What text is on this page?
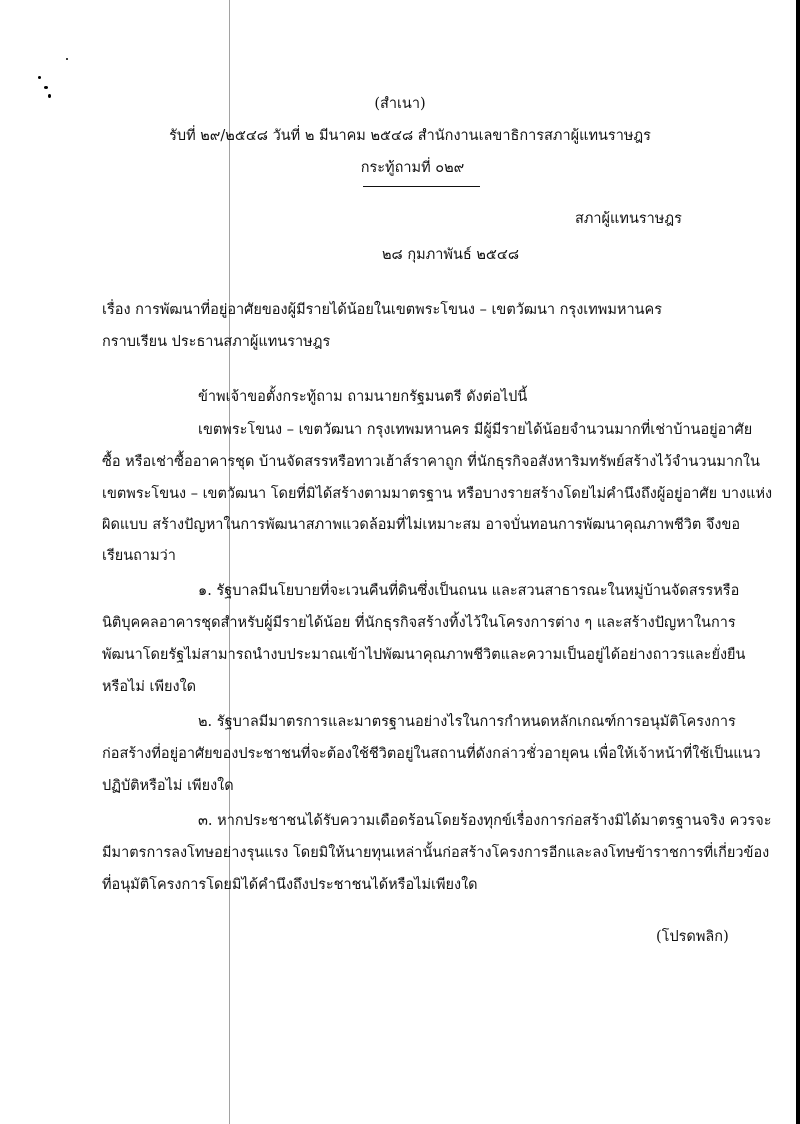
(สำเนา)
รับที่ ๒๙/๒๕๔๘ วันที่ ๒ มีนาคม ๒๕๔๘ สำนักงานเลขาธิการสภาผู้แทนราษฎร
กระทู้ถามที่ ๐๒๙
สภาผู้แทนราษฎร
๒๘ กุมภาพันธ์ ๒๕๔๘
เรื่อง การพัฒนาที่อยู่อาศัยของผู้มีรายได้น้อยในเขตพระโขนง – เขตวัฒนา กรุงเทพมหานคร
กราบเรียน ประธานสภาผู้แทนราษฎร
ข้าพเจ้าขอตั้งกระทู้ถาม ถามนายกรัฐมนตรี ดังต่อไปนี้
เขตพระโขนง – เขตวัฒนา กรุงเทพมหานคร มีผู้มีรายได้น้อยจำนวนมากที่เช่าบ้านอยู่อาศัย
ซื้อ หรือเช่าซื้ออาคารชุด บ้านจัดสรรหรือทาวเฮ้าส์ราคาถูก ที่นักธุรกิจอสังหาริมทรัพย์สร้างไว้จำนวนมากใน
เขตพระโขนง – เขตวัฒนา โดยที่มิได้สร้างตามมาตรฐาน หรือบางรายสร้างโดยไม่คำนึงถึงผู้อยู่อาศัย บางแห่ง
ผิดแบบ สร้างปัญหาในการพัฒนาสภาพแวดล้อมที่ไม่เหมาะสม อาจบั่นทอนการพัฒนาคุณภาพชีวิต จึงขอ
เรียนถามว่า
๑. รัฐบาลมีนโยบายที่จะเวนคืนที่ดินซึ่งเป็นถนน และสวนสาธารณะในหมู่บ้านจัดสรรหรือ
นิติบุคคลอาคารชุดสำหรับผู้มีรายได้น้อย ที่นักธุรกิจสร้างทิ้งไว้ในโครงการต่าง ๆ และสร้างปัญหาในการ
พัฒนาโดยรัฐไม่สามารถนำงบประมาณเข้าไปพัฒนาคุณภาพชีวิตและความเป็นอยู่ได้อย่างถาวรและยั่งยืน
หรือไม่ เพียงใด
๒. รัฐบาลมีมาตรการและมาตรฐานอย่างไรในการกำหนดหลักเกณฑ์การอนุมัติโครงการ
ก่อสร้างที่อยู่อาศัยของประชาชนที่จะต้องใช้ชีวิตอยู่ในสถานที่ดังกล่าวชั่วอายุคน เพื่อให้เจ้าหน้าที่ใช้เป็นแนว
ปฏิบัติหรือไม่ เพียงใด
๓. หากประชาชนได้รับความเดือดร้อนโดยร้องทุกข์เรื่องการก่อสร้างมิได้มาตรฐานจริง ควรจะ
มีมาตรการลงโทษอย่างรุนแรง โดยมิให้นายทุนเหล่านั้นก่อสร้างโครงการอีกและลงโทษข้าราชการที่เกี่ยวข้อง
ที่อนุมัติโครงการโดยมิได้คำนึงถึงประชาชนได้หรือไม่เพียงใด
(โปรดพลิก)
